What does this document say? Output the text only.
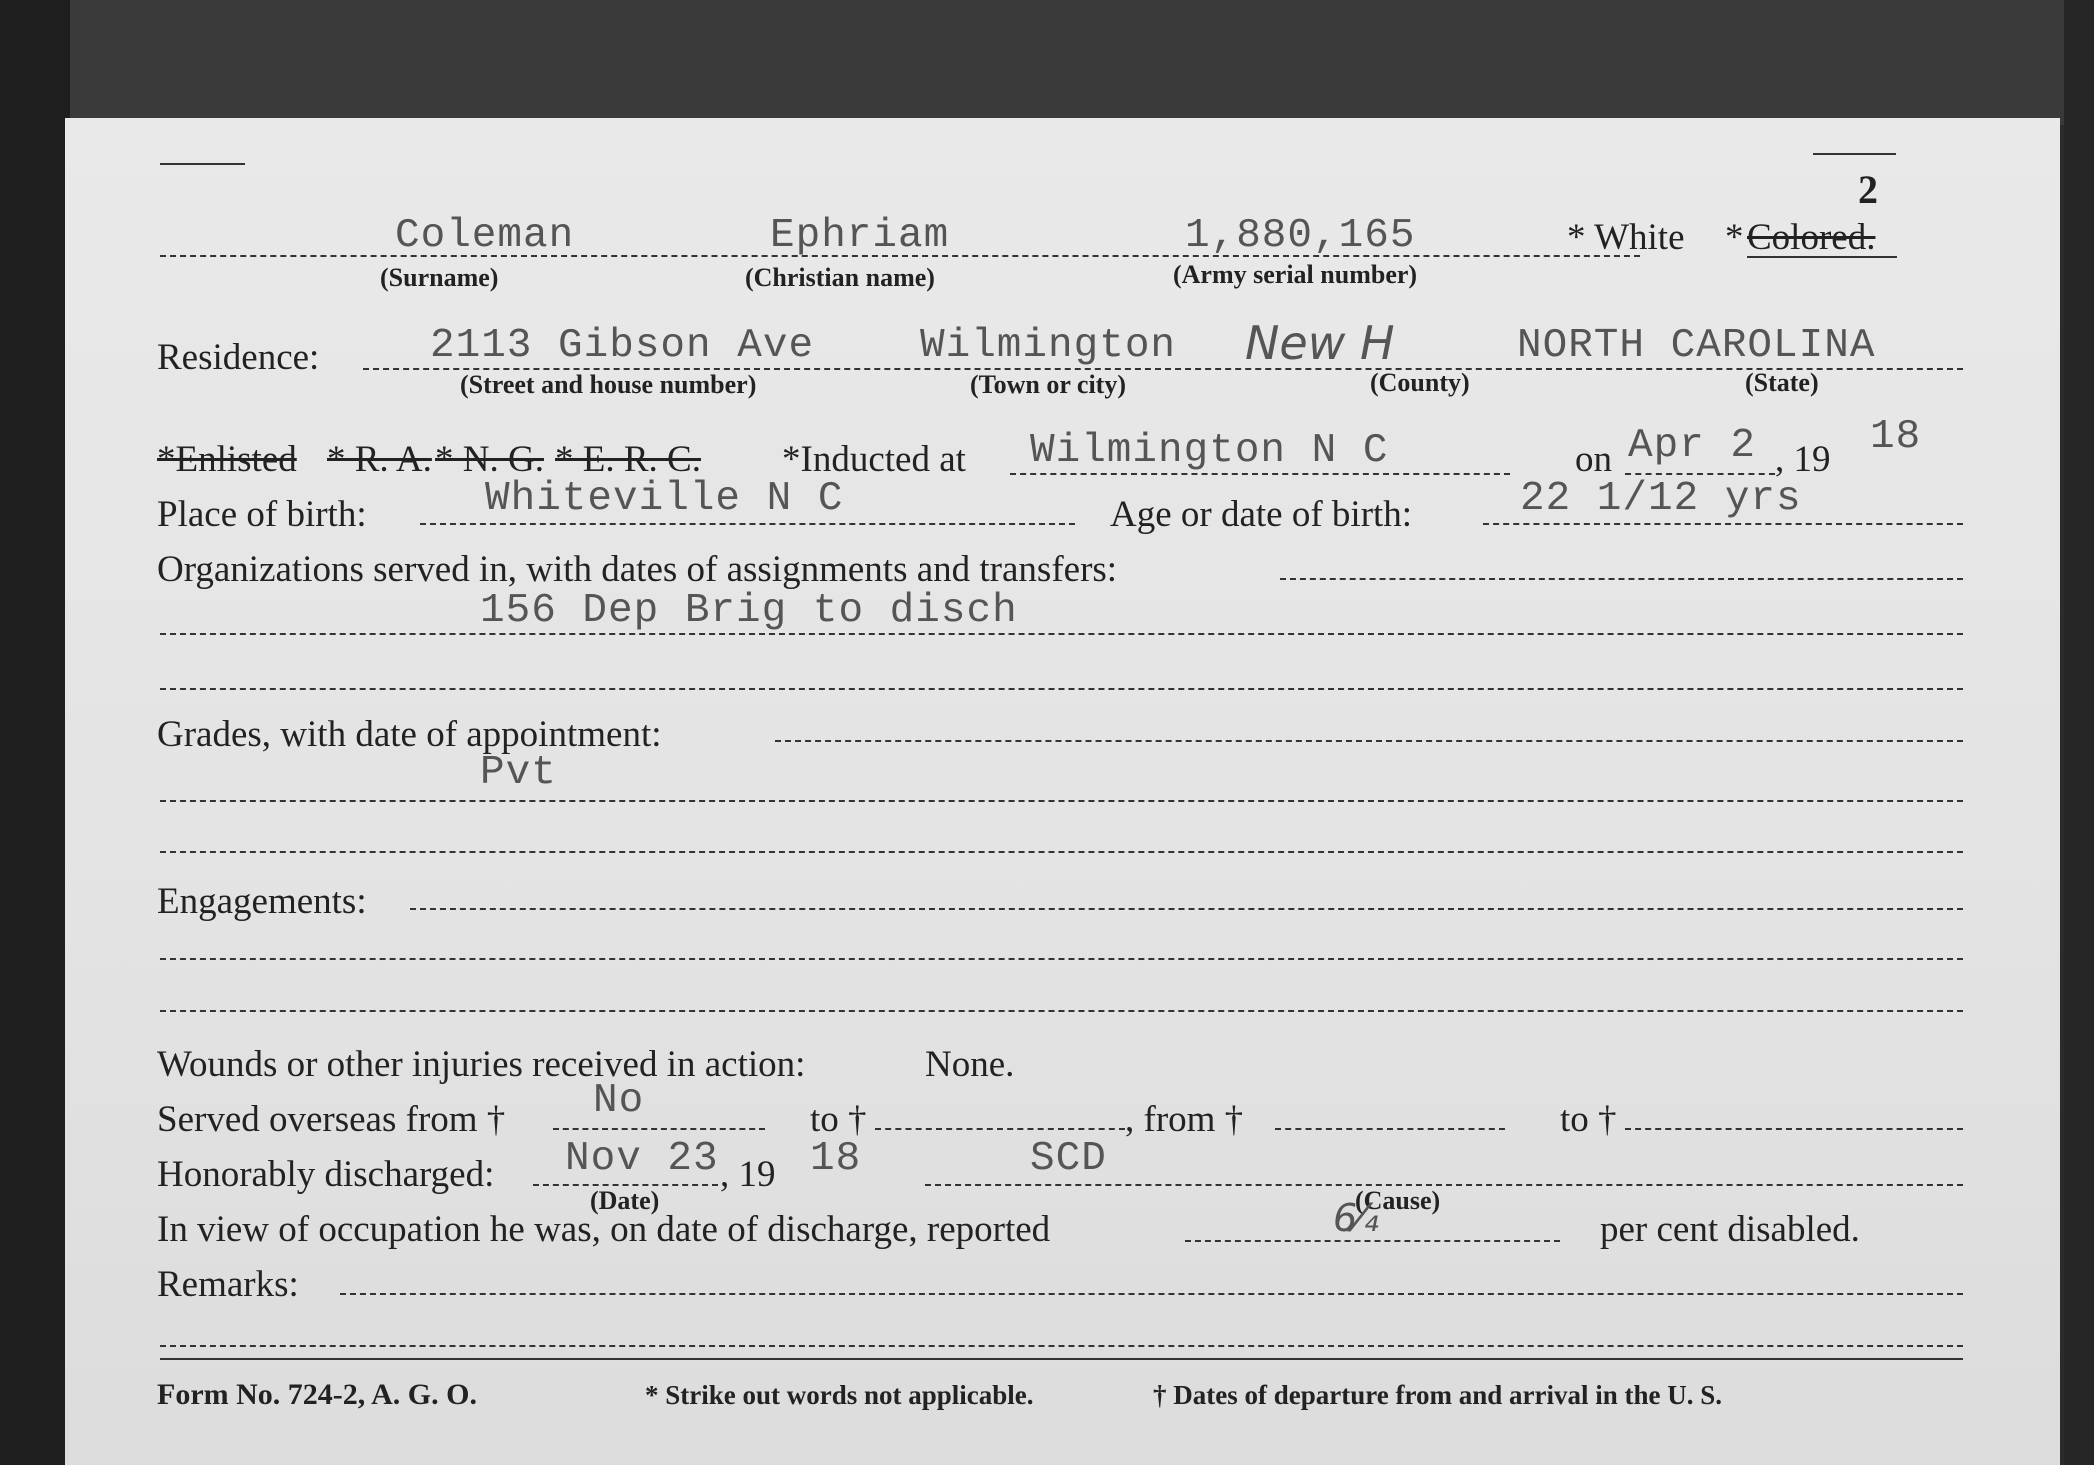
2
Coleman	Ephriam	1,880,165	* White * Colored.
(Surname)	(Christian name)	(Army serial number)
Residence:	2113 Gibson Ave	Wilmington New H	NORTH CAROLINA
(Street and house number)	(Town or city)	(County)	(State)
*Enlisted * R. A. * N. G. * E. R. C. *Inducted at Wilmington N C	on Apr 2 , 19 18
Place of birth:	Whiteville N C	Age or date of birth:	22 1/12 yrs
Organizations served in, with dates of assignments and transfers:
156 Dep Brig to disch
Grades, with date of appointment:
Pvt
Engagements:
Wounds or other injuries received in action:	None.
Served overseas from † No	to †	, from †	to †
Honorably discharged: Nov 23 , 19 18	SCD
(Date)	(Cause)
In view of occupation he was, on date of discharge, reported	6⁄₄	per cent disabled.
Remarks:
Form No. 724-2, A. G. O.	* Strike out words not applicable.	† Dates of departure from and arrival in the U. S.
